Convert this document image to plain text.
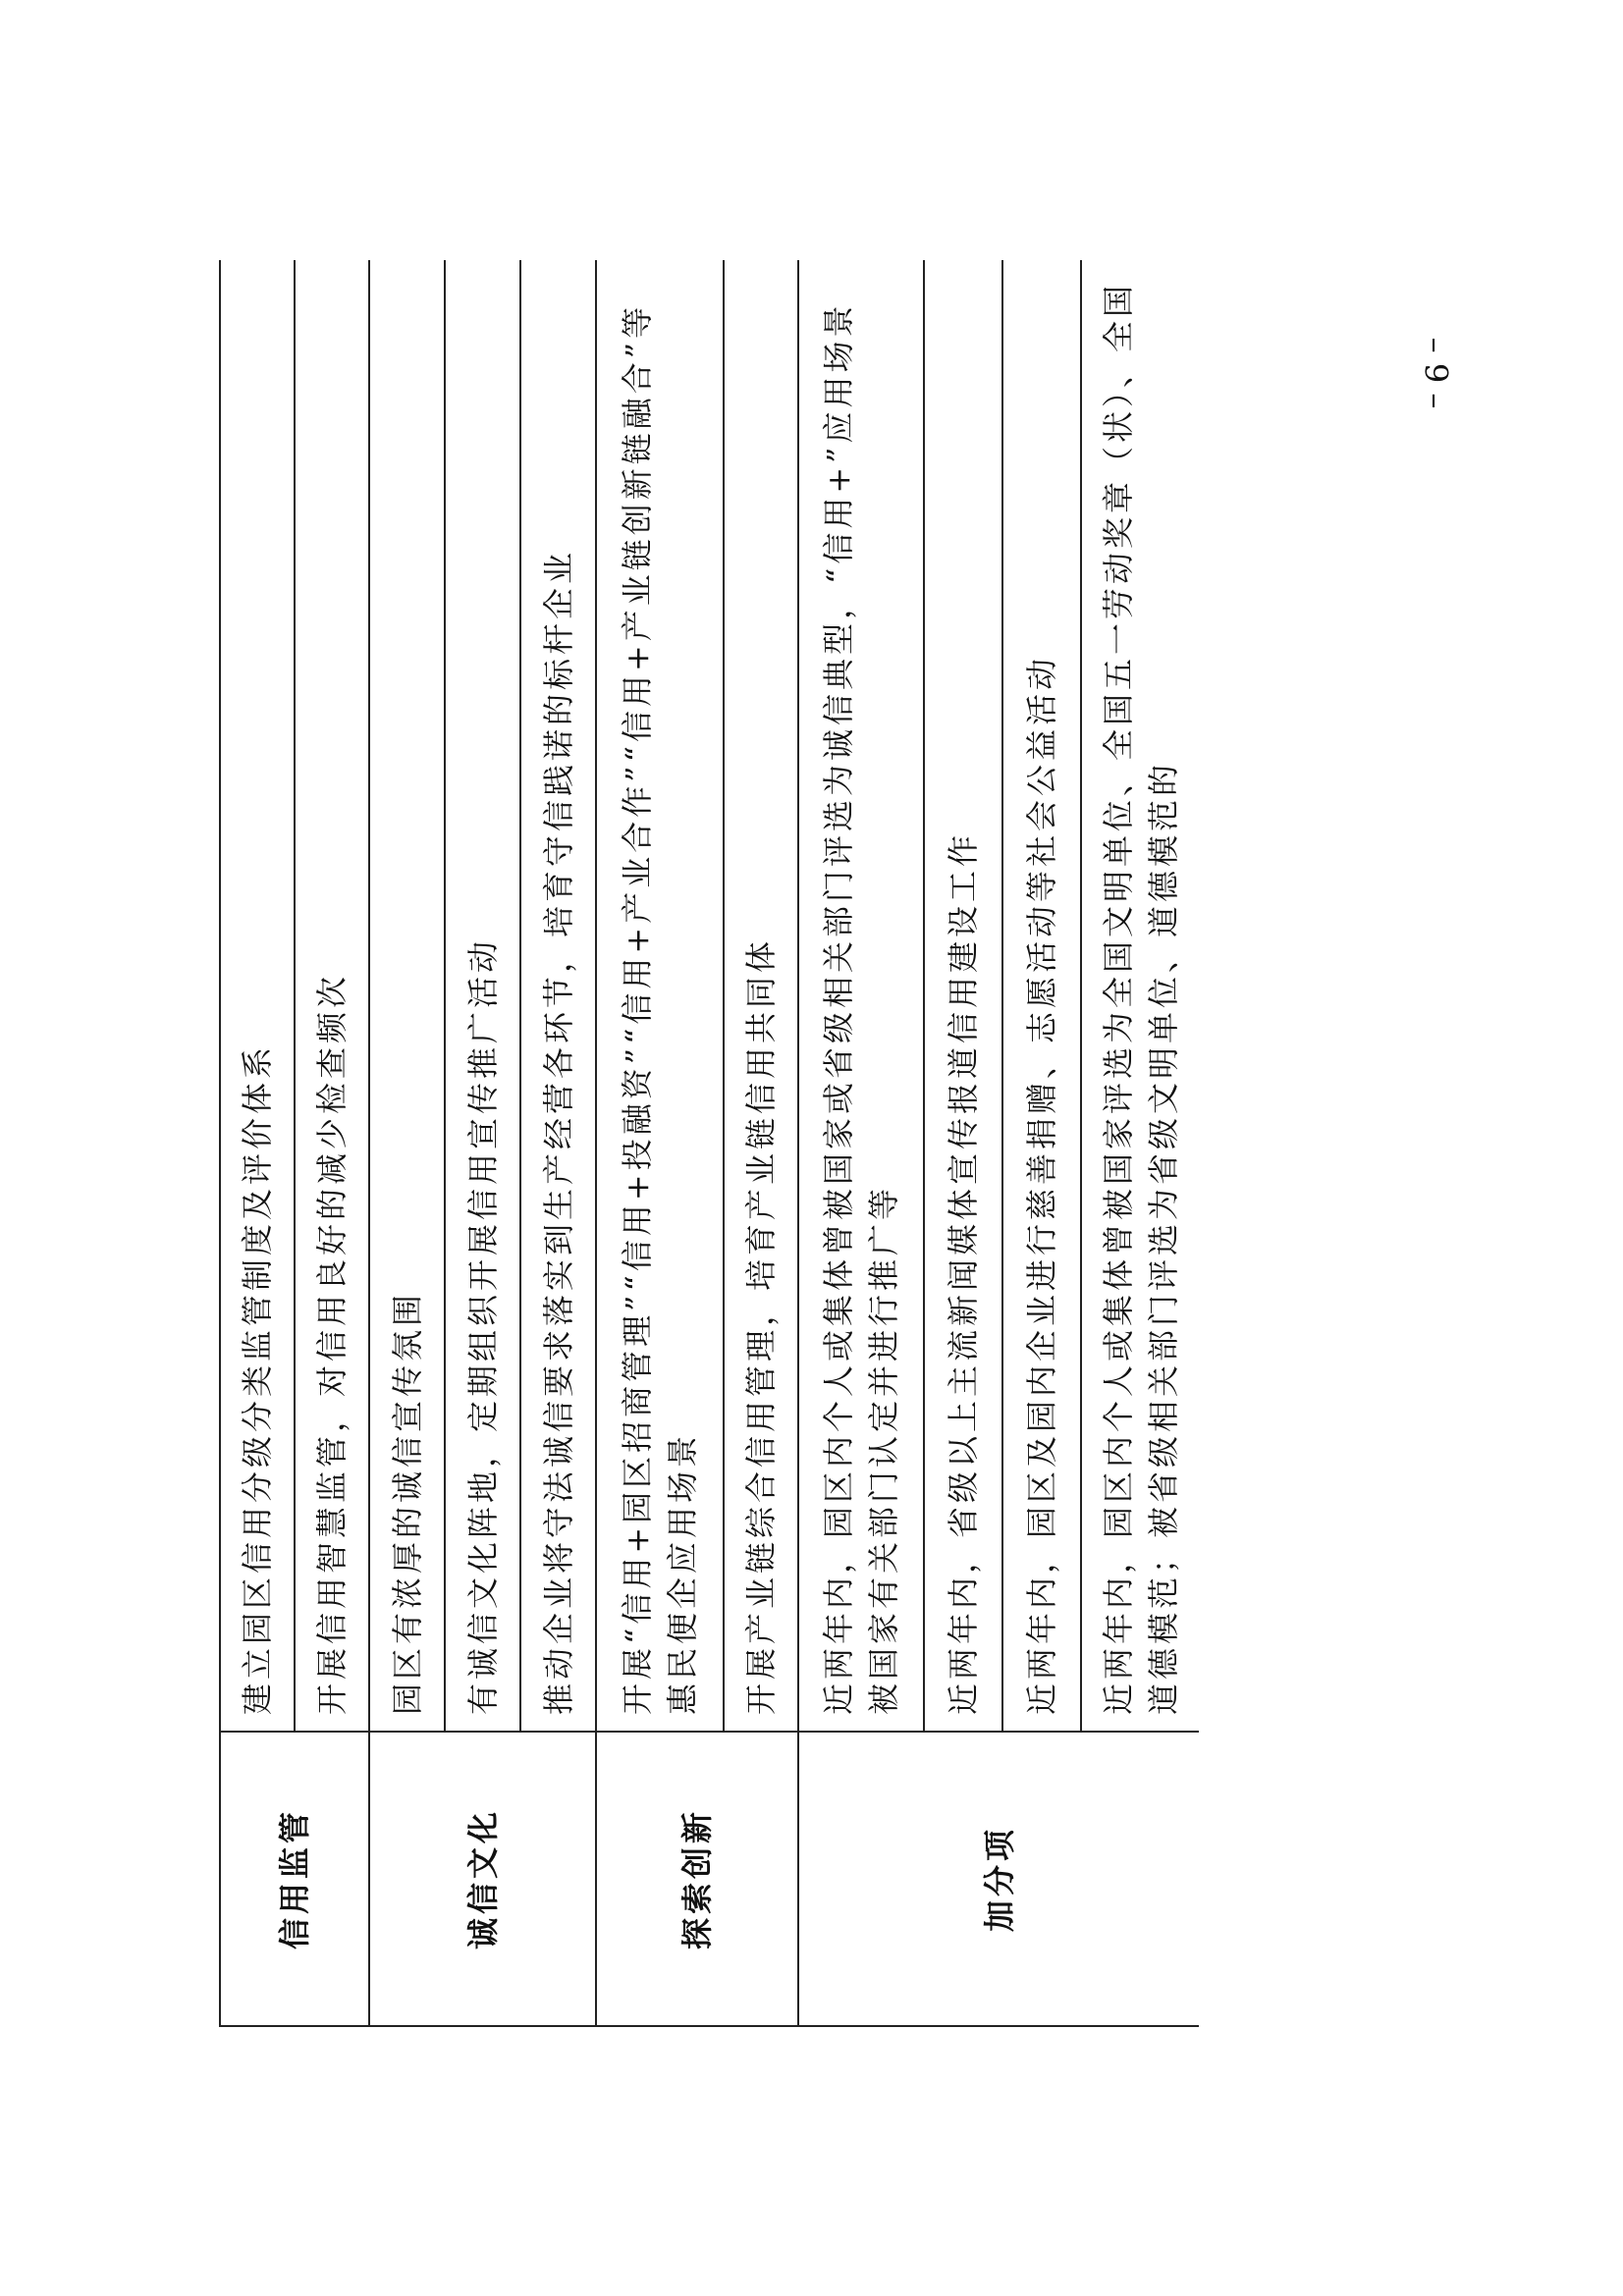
– 9 –
信用监管	建立园区信用分级分类监管制度及评价体系
	开展信用智慧监管，对信用良好的减少检查频次
诚信文化	园区有浓厚的诚信宣传氛围
	有诚信文化阵地，定期组织开展信用宣传推广活动
	推动企业将守法诚信要求落实到生产经营各环节，培育守信践诺的标杆企业
探索创新	开展“信用+园区招商管理”“信用+投融资”“信用+产业合作”“信用+产业链创新链融合”等惠民便企应用场景
	开展产业链综合信用管理，培育产业链信用共同体
加分项	近两年内，园区内个人或集体曾被国家或省级相关部门评选为诚信典型，“信用+”应用场景被国家有关部门认定并进行推广等
	近两年内，省级以上主流新闻媒体宣传报道信用建设工作
	近两年内，园区及园内企业进行慈善捐赠、志愿活动等社会公益活动
	近两年内，园区内个人或集体曾被国家评选为全国文明单位、全国五一劳动奖章（状）、全国道德模范；被省级相关部门评选为省级文明单位、道德模范的
